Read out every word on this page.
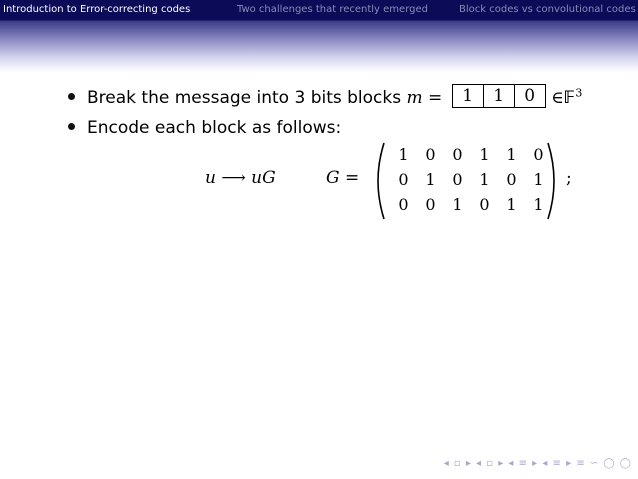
Introduction to Error-correcting codes	Two challenges that recently emerged	Block codes vs convolutional codes
Break the message into 3 bits blocks m =	1	1	0 ∈𝔽$^3$
Encode each block as follows:
u ⟶ uG	G =
1	0	0	1	1	0
0	1	0	1	0	1
0	0	1	0	1	1
;
◂ ▫ ▸ ◂ ▫ ▸ ◂ ≡ ▸ ◂ ≡ ▸ ≡ ∽ ◯ ◯
